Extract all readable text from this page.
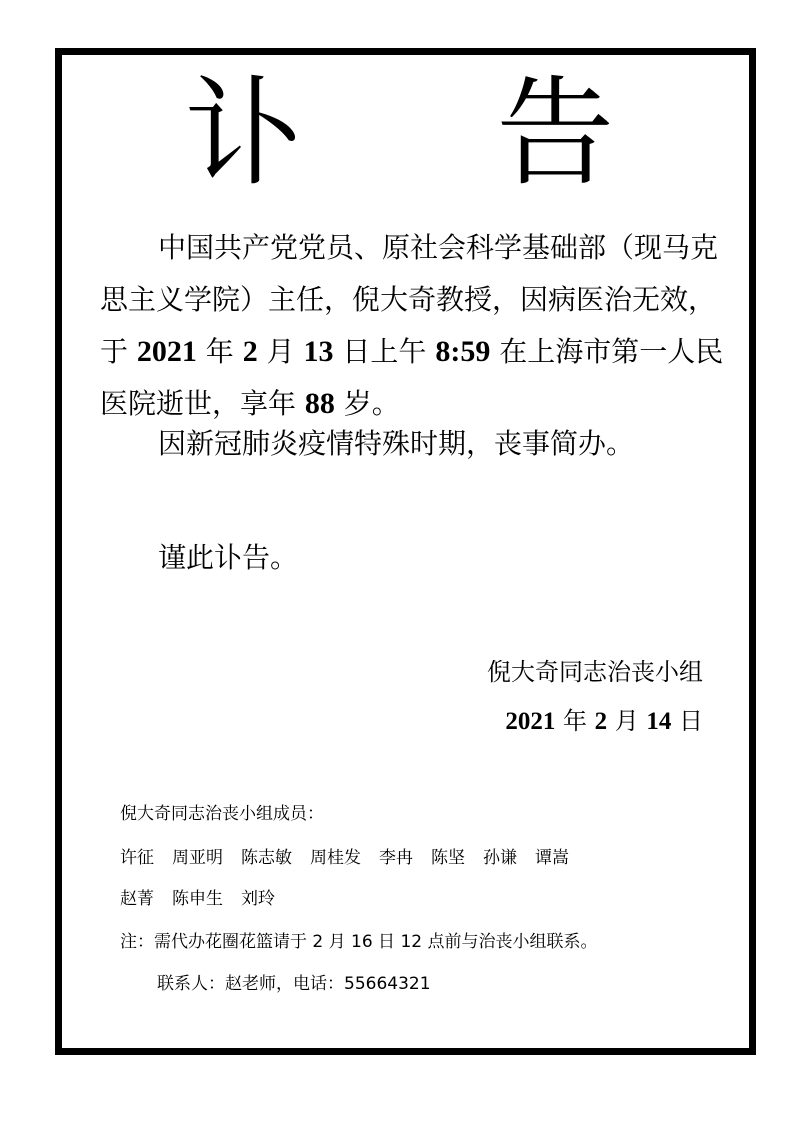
讣 告

中国共产党党员、原社会科学基础部（现马克思主义学院）主任，倪大奇教授，因病医治无效，于 2021 年 2 月 13 日上午 8:59 在上海市第一人民医院逝世，享年 88 岁。

因新冠肺炎疫情特殊时期，丧事简办。

谨此讣告。

倪大奇同志治丧小组
2021 年 2 月 14 日
倪大奇同志治丧小组成员：
许征 周亚明 陈志敏 周桂发 李冉 陈坚 孙谦 谭嵩
赵菁 陈申生 刘玲
注：需代办花圈花篮请于 2 月 16 日 12 点前与治丧小组联系。
联系人：赵老师，电话：55664321
